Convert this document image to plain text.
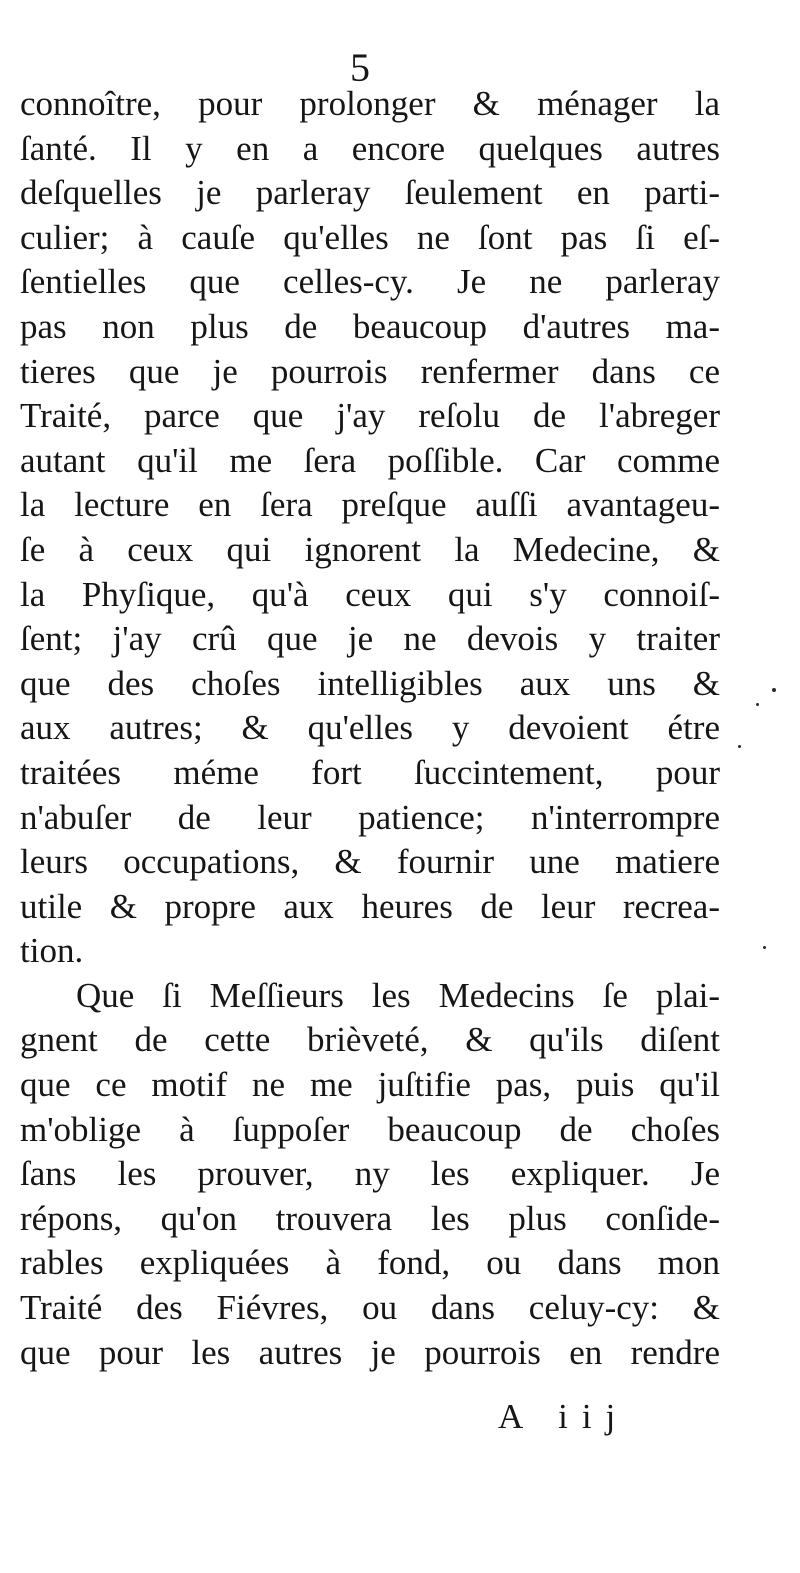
5
connoître, pour prolonger & ménager la
ſanté. Il y en a encore quelques autres
deſquelles je parleray ſeulement en parti-
culier; à cauſe qu'elles ne ſont pas ſi eſ-
ſentielles que celles-cy. Je ne parleray
pas non plus de beaucoup d'autres ma-
tieres que je pourrois renfermer dans ce
Traité, parce que j'ay reſolu de l'abreger
autant qu'il me ſera poſſible. Car comme
la lecture en ſera preſque auſſi avantageu-
ſe à ceux qui ignorent la Medecine, &
la Phyſique, qu'à ceux qui s'y connoiſ-
ſent; j'ay crû que je ne devois y traiter
que des choſes intelligibles aux uns &
aux autres; & qu'elles y devoient étre
traitées méme fort ſuccintement, pour
n'abuſer de leur patience; n'interrompre
leurs occupations, & fournir une matiere
utile & propre aux heures de leur recrea-
tion.
Que ſi Meſſieurs les Medecins ſe plai-
gnent de cette brièveté, & qu'ils diſent
que ce motif ne me juſtifie pas, puis qu'il
m'oblige à ſuppoſer beaucoup de choſes
ſans les prouver, ny les expliquer. Je
répons, qu'on trouvera les plus conſide-
rables expliquées à fond, ou dans mon
Traité des Fiévres, ou dans celuy-cy: &
que pour les autres je pourrois en rendre
A iij
